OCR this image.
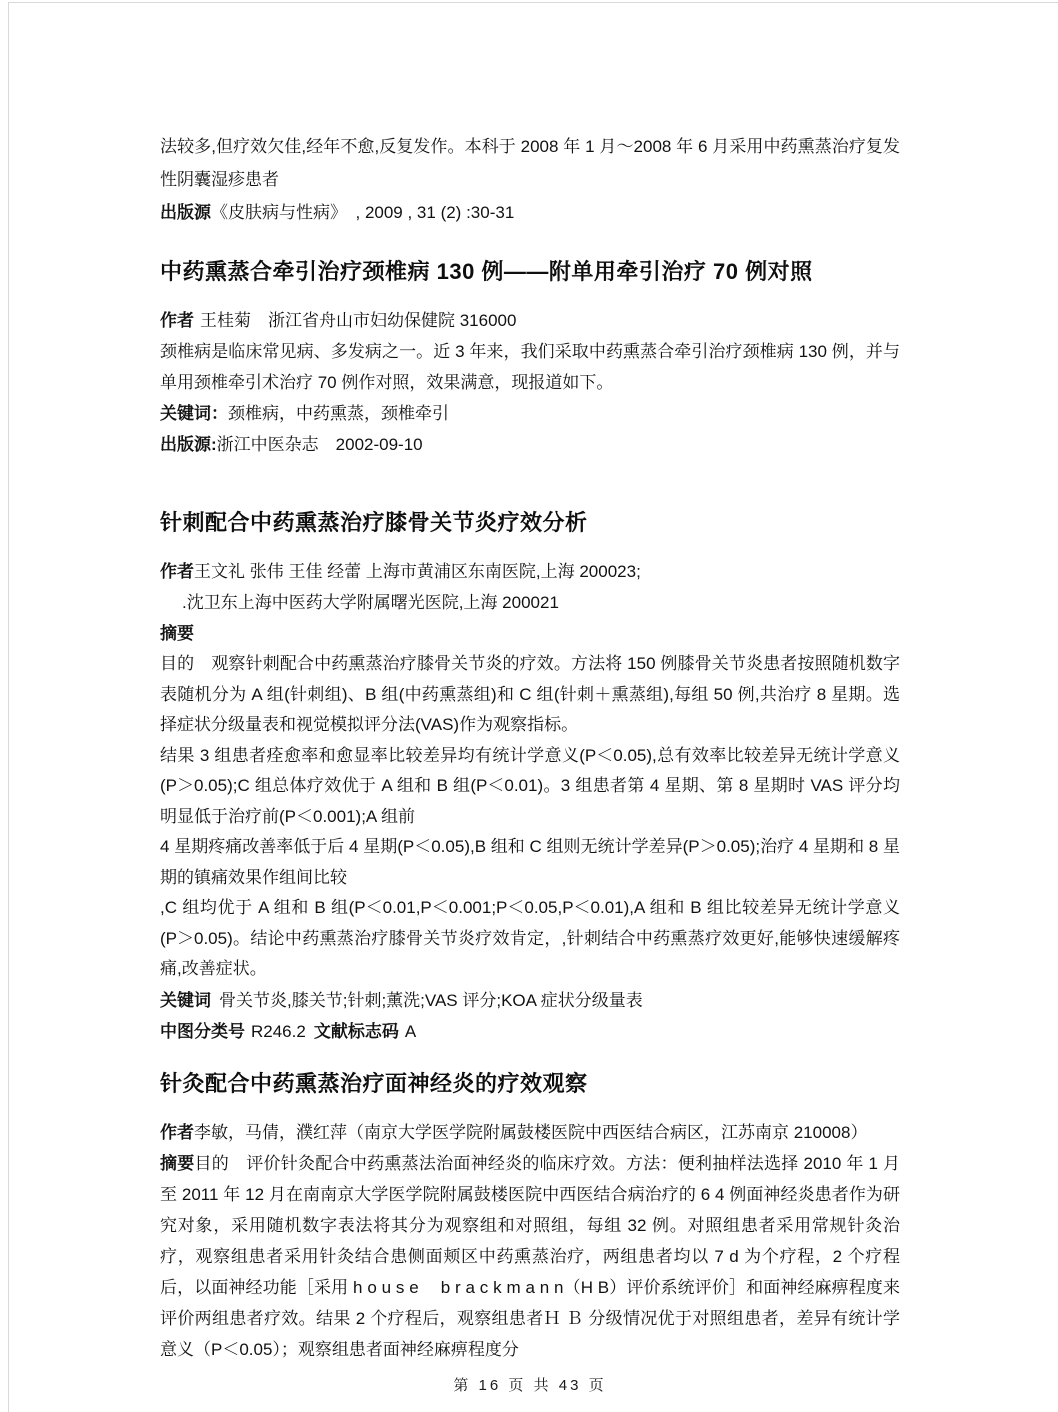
法较多,但疗效欠佳,经年不愈,反复发作。本科于 2008 年 1 月～2008 年 6 月采用中药熏蒸治疗复发性阴囊湿疹患者

出版源《皮肤病与性病》　, 2009 , 31 (2) :30-31

中药熏蒸合牵引治疗颈椎病 130 例——附单用牵引治疗 70 例对照

作者 王桂菊　浙江省舟山市妇幼保健院 316000

颈椎病是临床常见病、多发病之一。近 3 年来，我们采取中药熏蒸合牵引治疗颈椎病 130 例，并与单用颈椎牵引术治疗 70 例作对照，效果满意，现报道如下。

关键词：颈椎病，中药熏蒸，颈椎牵引

出版源:浙江中医杂志　2002-09-10

针刺配合中药熏蒸治疗膝骨关节炎疗效分析

作者王文礼 张伟 王佳 经蕾 上海市黄浦区东南医院,上海 200023;

.沈卫东上海中医药大学附属曙光医院,上海 200021

摘要

目的　观察针刺配合中药熏蒸治疗膝骨关节炎的疗效。方法将 150 例膝骨关节炎患者按照随机数字表随机分为 A 组(针刺组)、B 组(中药熏蒸组)和 C 组(针刺＋熏蒸组),每组 50 例,共治疗 8 星期。选择症状分级量表和视觉模拟评分法(VAS)作为观察指标。

结果 3 组患者痊愈率和愈显率比较差异均有统计学意义(P＜0.05),总有效率比较差异无统计学意义(P＞0.05);C 组总体疗效优于 A 组和 B 组(P＜0.01)。3 组患者第 4 星期、第 8 星期时 VAS 评分均明显低于治疗前(P＜0.001);A 组前

4 星期疼痛改善率低于后 4 星期(P＜0.05),B 组和 C 组则无统计学差异(P＞0.05);治疗 4 星期和 8 星期的镇痛效果作组间比较

,C 组均优于 A 组和 B 组(P＜0.01,P＜0.001;P＜0.05,P＜0.01),A 组和 B 组比较差异无统计学意义(P＞0.05)。结论中药熏蒸治疗膝骨关节炎疗效肯定，,针刺结合中药熏蒸疗效更好,能够快速缓解疼痛,改善症状。

关键词 骨关节炎,膝关节;针刺;薰洗;VAS 评分;KOA 症状分级量表

中图分类号 R246.2 文献标志码 A

针灸配合中药熏蒸治疗面神经炎的疗效观察

作者李敏，马倩，濮红萍（南京大学医学院附属鼓楼医院中西医结合病区，江苏南京 210008）

摘要目的　评价针灸配合中药熏蒸法治面神经炎的临床疗效。方法：便利抽样法选择 2010 年 1 月至 2011 年 12 月在南南京大学医学院附属鼓楼医院中西医结合病治疗的 6 4 例面神经炎患者作为研究对象，采用随机数字表法将其分为观察组和对照组，每组 32 例。对照组患者采用常规针灸治疗，观察组患者采用针灸结合患侧面颊区中药熏蒸治疗，两组患者均以 7 d 为个疗程，2 个疗程后，以面神经功能［采用 h o u s e　 b r a c k m a n n（H B）评价系统评价］和面神经麻痹程度来评价两组患者疗效。结果 2 个疗程后，观察组患者Ｈ Ｂ 分级情况优于对照组患者，差异有统计学意义（P＜0.05）；观察组患者面神经麻痹程度分

第 16 页 共 43 页
